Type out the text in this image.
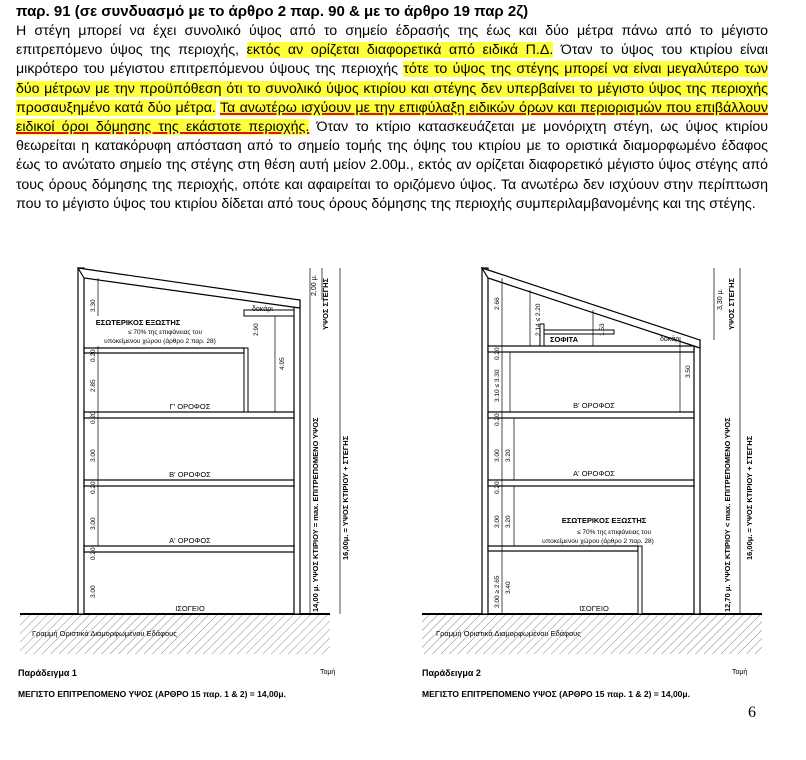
παρ. 91 (σε συνδυασμό με το άρθρο 2 παρ. 90 & με το άρθρο 19 παρ 2ζ)
Η στέγη μπορεί να έχει συνολικό ύψος από το σημείο έδρασής της έως και δύο μέτρα πάνω από το μέγιστο επιτρεπόμενο ύψος της περιοχής, εκτός αν ορίζεται διαφορετικά από ειδικά Π.Δ. Όταν το ύψος του κτιρίου είναι μικρότερο του μέγιστου επιτρεπόμενου ύψους της περιοχής τότε το ύψος της στέγης μπορεί να είναι μεγαλύτερο των δύο μέτρων με την προϋπόθεση ότι το συνολικό ύψος κτιρίου και στέγης δεν υπερβαίνει το μέγιστο ύψος της περιοχής προσαυξημένο κατά δύο μέτρα. Τα ανωτέρω ισχύουν με την επιφύλαξη ειδικών όρων και περιορισμών που επιβάλλουν ειδικοί όροι δόμησης της εκάστοτε περιοχής. Όταν το κτίριο κατασκευάζεται με μονόριχτη στέγη, ως ύψος κτιρίου θεωρείται η κατακόρυφη απόσταση από το σημείο τομής της όψης του κτιρίου με το οριστικά διαμορφωμένο έδαφος έως το ανώτατο σημείο της στέγης στη θέση αυτή μείον 2.00μ., εκτός αν ορίζεται διαφορετικό μέγιστο ύψος στέγης από τους όρους δόμησης της περιοχής, οπότε και αφαιρείται το οριζόμενο ύψος. Τα ανωτέρω δεν ισχύουν στην περίπτωση που το μέγιστο ύψος του κτιρίου δίδεται από τους όρους δόμησης της περιοχής συμπεριλαμβανομένης και της στέγης.
ΕΣΩΤΕΡΙΚΟΣ ΕΞΩΣΤΗΣ
≤ 70% της επιφάνειας του
υποκείμενου χώρου (άρθρο 2 παρ. 28)
δοκάρι
Γ' ΟΡΟΦΟΣ
Β' ΟΡΟΦΟΣ
Α' ΟΡΟΦΟΣ
ΙΣΟΓΕΙΟ
3.30
2.90
0.20
2.85
0.20
3.00
0.20
3.00
0.20
3.00
4.95
2,00 μ. ΥΨΟΣ ΣΤΕΓΗΣ
14,00 μ. ΥΨΟΣ ΚΤΙΡΙΟΥ = max. ΕΠΙΤΡΕΠΟΜΕΝΟ ΥΨΟΣ	16,00μ. = ΥΨΟΣ ΚΤΙΡΙΟΥ + ΣΤΕΓΗΣ
Γραμμή Οριστικά Διαμορφωμένου Εδάφους
Παράδειγμα 1	Τομή
ΜΕΓΙΣΤΟ ΕΠΙΤΡΕΠΟΜΕΝΟ ΥΨΟΣ (ΑΡΘΡΟ 15 παρ. 1 & 2) = 14,00μ.
ΣΟΦΙΤΑ	δοκάρι
Β' ΟΡΟΦΟΣ
Α' ΟΡΟΦΟΣ
ΙΣΟΓΕΙΟ
ΕΣΩΤΕΡΙΚΟΣ ΕΞΩΣΤΗΣ
≤ 70% της επιφάνειας του
υποκείμενου χώρου (άρθρο 2 παρ. 28)
2.66	2.14 ≤ 2.20	1.53
0.20
3.10 ≤ 3.30
0.20
3.00 3.20
0.20
3.00 3.20
3.00 ≥ 2.65 3.40
3.50
3,30 μ. ΥΨΟΣ ΣΤΕΓΗΣ
12,70 μ. ΥΨΟΣ ΚΤΙΡΙΟΥ < max. ΕΠΙΤΡΕΠΟΜΕΝΟ ΥΨΟΣ 16,00μ. = ΥΨΟΣ ΚΤΙΡΙΟΥ + ΣΤΕΓΗΣ
Γραμμή Οριστικά Διαμορφωμένου Εδάφους
Παράδειγμα 2	Τομή
ΜΕΓΙΣΤΟ ΕΠΙΤΡΕΠΟΜΕΝΟ ΥΨΟΣ (ΑΡΘΡΟ 15 παρ. 1 & 2) = 14,00μ.
6
